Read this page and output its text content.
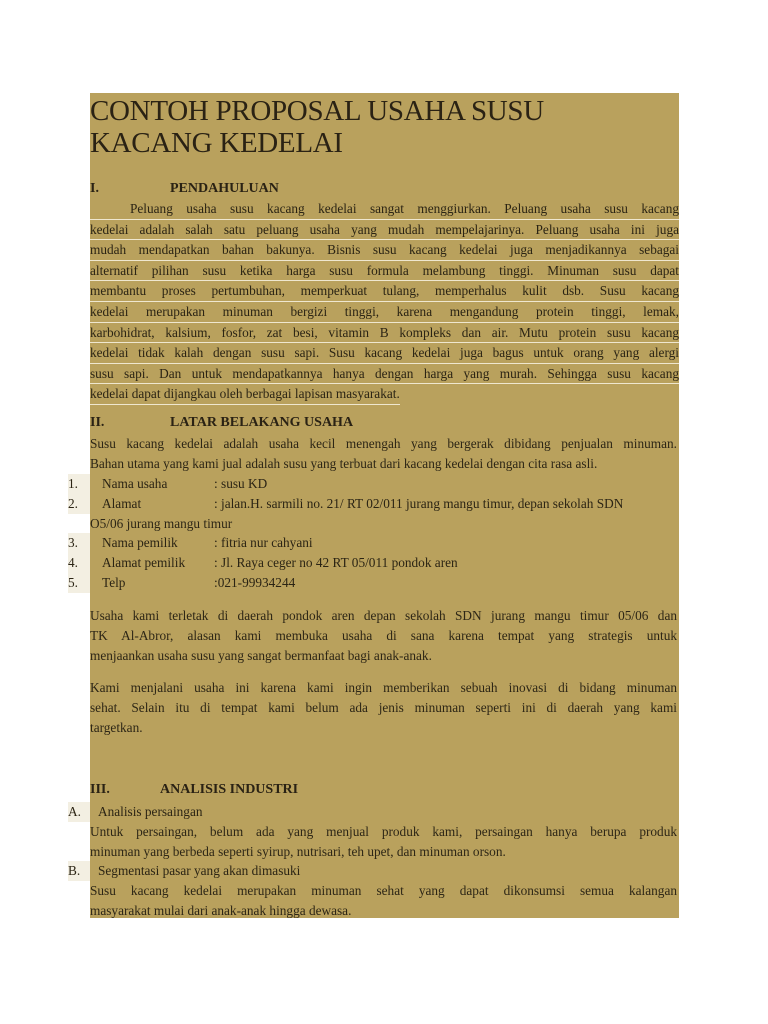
CONTOH PROPOSAL USAHA SUSU
KACANG KEDELAI
I.	PENDAHULUAN
Peluang usaha susu kacang kedelai sangat menggiurkan. Peluang usaha susu kacang
kedelai adalah salah satu peluang usaha yang mudah mempelajarinya. Peluang usaha ini juga
mudah mendapatkan bahan bakunya. Bisnis susu kacang kedelai juga menjadikannya sebagai
alternatif pilihan susu ketika harga susu formula melambung tinggi. Minuman susu dapat
membantu proses pertumbuhan, memperkuat tulang, memperhalus kulit dsb. Susu kacang
kedelai merupakan minuman bergizi tinggi, karena mengandung protein tinggi, lemak,
karbohidrat, kalsium, fosfor, zat besi, vitamin B kompleks dan air. Mutu protein susu kacang
kedelai tidak kalah dengan susu sapi. Susu kacang kedelai juga bagus untuk orang yang alergi
susu sapi. Dan untuk mendapatkannya hanya dengan harga yang murah. Sehingga susu kacang
kedelai dapat dijangkau oleh berbagai lapisan masyarakat.
II.	LATAR BELAKANG USAHA
Susu kacang kedelai adalah usaha kecil menengah yang bergerak dibidang penjualan minuman.
Bahan utama yang kami jual adalah susu yang terbuat dari kacang kedelai dengan cita rasa asli.
1. Nama usaha	: susu KD
2. Alamat	: jalan.H. sarmili no. 21/ RT 02/011 jurang mangu timur, depan sekolah SDN
O5/06 jurang mangu timur
3. Nama pemilik	: fitria nur cahyani
4. Alamat pemilik : Jl. Raya ceger no 42 RT 05/011 pondok aren
5. Telp	:021-99934244
Usaha kami terletak di daerah pondok aren depan sekolah SDN jurang mangu timur 05/06 dan
TK Al-Abror, alasan kami membuka usaha di sana karena tempat yang strategis untuk
menjaankan usaha susu yang sangat bermanfaat bagi anak-anak.
Kami menjalani usaha ini karena kami ingin memberikan sebuah inovasi di bidang minuman
sehat. Selain itu di tempat kami belum ada jenis minuman seperti ini di daerah yang kami
targetkan.
III.	ANALISIS INDUSTRI
A. Analisis persaingan
Untuk persaingan, belum ada yang menjual produk kami, persaingan hanya berupa produk
minuman yang berbeda seperti syirup, nutrisari, teh upet, dan minuman orson.
B. Segmentasi pasar yang akan dimasuki
Susu kacang kedelai merupakan minuman sehat yang dapat dikonsumsi semua kalangan
masyarakat mulai dari anak-anak hingga dewasa.
